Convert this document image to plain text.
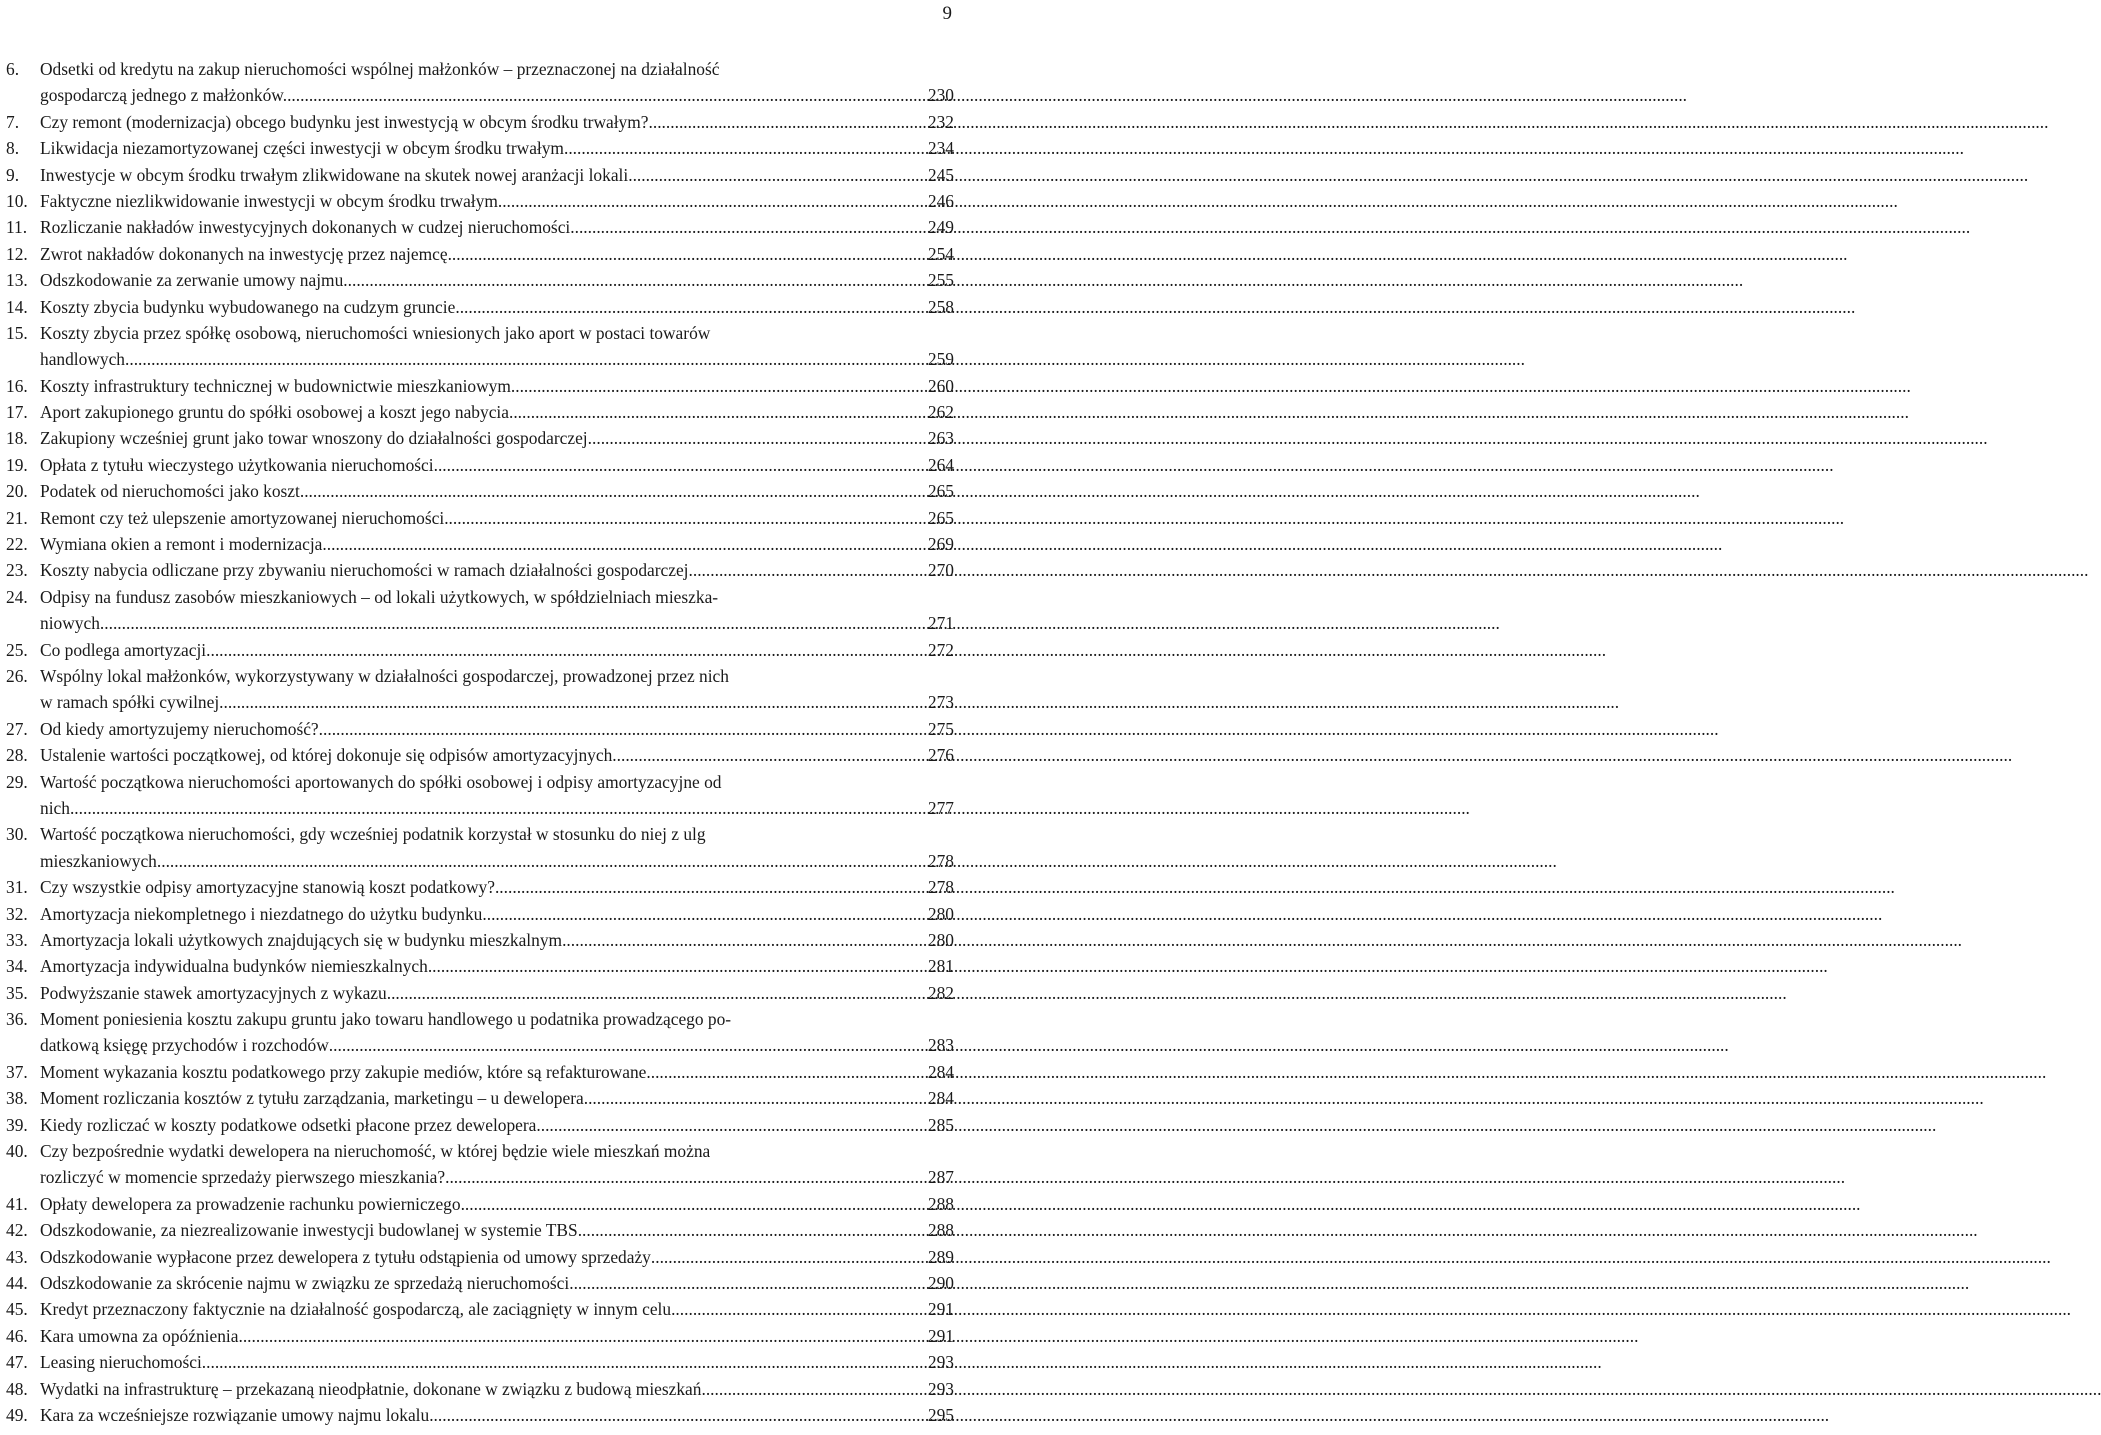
9
6.	Odsetki od kredytu na zakup nieruchomości wspólnej małżonków – przeznaczonej na działalność
gospodarczą jednego z małżonków. .....	230
7.	Czy remont (modernizacja) obcego budynku jest inwestycją w obcym środku trwałym? .....	232
8.	Likwidacja niezamortyzowanej części inwestycji w obcym środku trwałym .....	234
9.	Inwestycje w obcym środku trwałym zlikwidowane na skutek nowej aranżacji lokali .....	245
10. Faktyczne niezlikwidowanie inwestycji w obcym środku trwałym .....	246
11. Rozliczanie nakładów inwestycyjnych dokonanych w cudzej nieruchomości .....	249
12. Zwrot nakładów dokonanych na inwestycję przez najemcę .....	254
13. Odszkodowanie za zerwanie umowy najmu .....	255
14. Koszty zbycia budynku wybudowanego na cudzym gruncie .....	258
15. Koszty zbycia przez spółkę osobową, nieruchomości wniesionych jako aport w postaci towarów
handlowych .....	259
16. Koszty infrastruktury technicznej w budownictwie mieszkaniowym .....	260
17. Aport zakupionego gruntu do spółki osobowej a koszt jego nabycia .....	262
18. Zakupiony wcześniej grunt jako towar wnoszony do działalności gospodarczej .....	263
19. Opłata z tytułu wieczystego użytkowania nieruchomości .....	264
20. Podatek od nieruchomości jako koszt .....	265
21. Remont czy też ulepszenie amortyzowanej nieruchomości .....	265
22. Wymiana okien a remont i modernizacja .....	269
23. Koszty nabycia odliczane przy zbywaniu nieruchomości w ramach działalności gospodarczej .....	270
24. Odpisy na fundusz zasobów mieszkaniowych – od lokali użytkowych, w spółdzielniach mieszka-
niowych .....	271
25. Co podlega amortyzacji .....	272
26. Wspólny lokal małżonków, wykorzystywany w działalności gospodarczej, prowadzonej przez nich
w ramach spółki cywilnej .....	273
27. Od kiedy amortyzujemy nieruchomość? .....	275
28. Ustalenie wartości początkowej, od której dokonuje się odpisów amortyzacyjnych .....	276
29. Wartość początkowa nieruchomości aportowanych do spółki osobowej i odpisy amortyzacyjne od
nich .....	277
30. Wartość początkowa nieruchomości, gdy wcześniej podatnik korzystał w stosunku do niej z ulg
mieszkaniowych .....	278
31. Czy wszystkie odpisy amortyzacyjne stanowią koszt podatkowy? .....	278
32. Amortyzacja niekompletnego i niezdatnego do użytku budynku .....	280
33. Amortyzacja lokali użytkowych znajdujących się w budynku mieszkalnym .....	280
34. Amortyzacja indywidualna budynków niemieszkalnych .....	281
35. Podwyższanie stawek amortyzacyjnych z wykazu .....	282
36. Moment poniesienia kosztu zakupu gruntu jako towaru handlowego u podatnika prowadzącego po-
datkową księgę przychodów i rozchodów .....	283
37. Moment wykazania kosztu podatkowego przy zakupie mediów, które są refakturowane .....	284
38. Moment rozliczania kosztów z tytułu zarządzania, marketingu – u dewelopera .....	284
39. Kiedy rozliczać w koszty podatkowe odsetki płacone przez dewelopera .....	285
40. Czy bezpośrednie wydatki dewelopera na nieruchomość, w której będzie wiele mieszkań można
rozliczyć w momencie sprzedaży pierwszego mieszkania? .....	287
41. Opłaty dewelopera za prowadzenie rachunku powierniczego .....	288
42. Odszkodowanie, za niezrealizowanie inwestycji budowlanej w systemie TBS .....	288
43. Odszkodowanie wypłacone przez dewelopera z tytułu odstąpienia od umowy sprzedaży .....	289
44. Odszkodowanie za skrócenie najmu w związku ze sprzedażą nieruchomości .....	290
45. Kredyt przeznaczony faktycznie na działalność gospodarczą, ale zaciągnięty w innym celu .....	291
46. Kara umowna za opóźnienia .....	291
47. Leasing nieruchomości .....	293
48. Wydatki na infrastrukturę – przekazaną nieodpłatnie, dokonane w związku z budową mieszkań .....	293
49. Kara za wcześniejsze rozwiązanie umowy najmu lokalu .....	295
